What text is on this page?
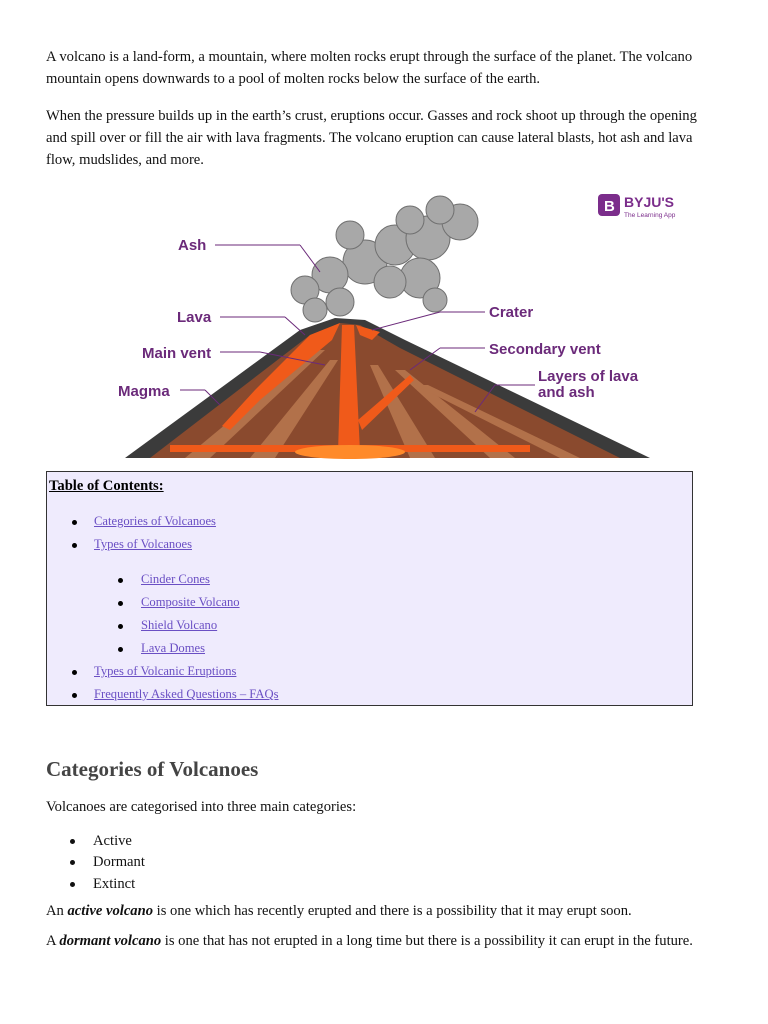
A volcano is a land-form, a mountain, where molten rocks erupt through the surface of the planet. The volcano mountain opens downwards to a pool of molten rocks below the surface of the earth.

When the pressure builds up in the earth’s crust, eruptions occur. Gasses and rock shoot up through the opening and spill over or fill the air with lava fragments. The volcano eruption can cause lateral blasts, hot ash and lava flow, mudslides, and more.

Ash
Lava
Main vent
Magma
Crater
Secondary vent
Layers of lava
and ash
B BYJU'S
The Learning App
Table of Contents:
Categories of Volcanoes
Types of Volcanoes
Cinder Cones
Composite Volcano
Shield Volcano
Lava Domes
Types of Volcanic Eruptions
Frequently Asked Questions – FAQs
Categories of Volcanoes

Volcanoes are categorised into three main categories:

Active
Dormant
Extinct

An active volcano is one which has recently erupted and there is a possibility that it may erupt soon.

A dormant volcano is one that has not erupted in a long time but there is a possibility it can erupt in the future.
